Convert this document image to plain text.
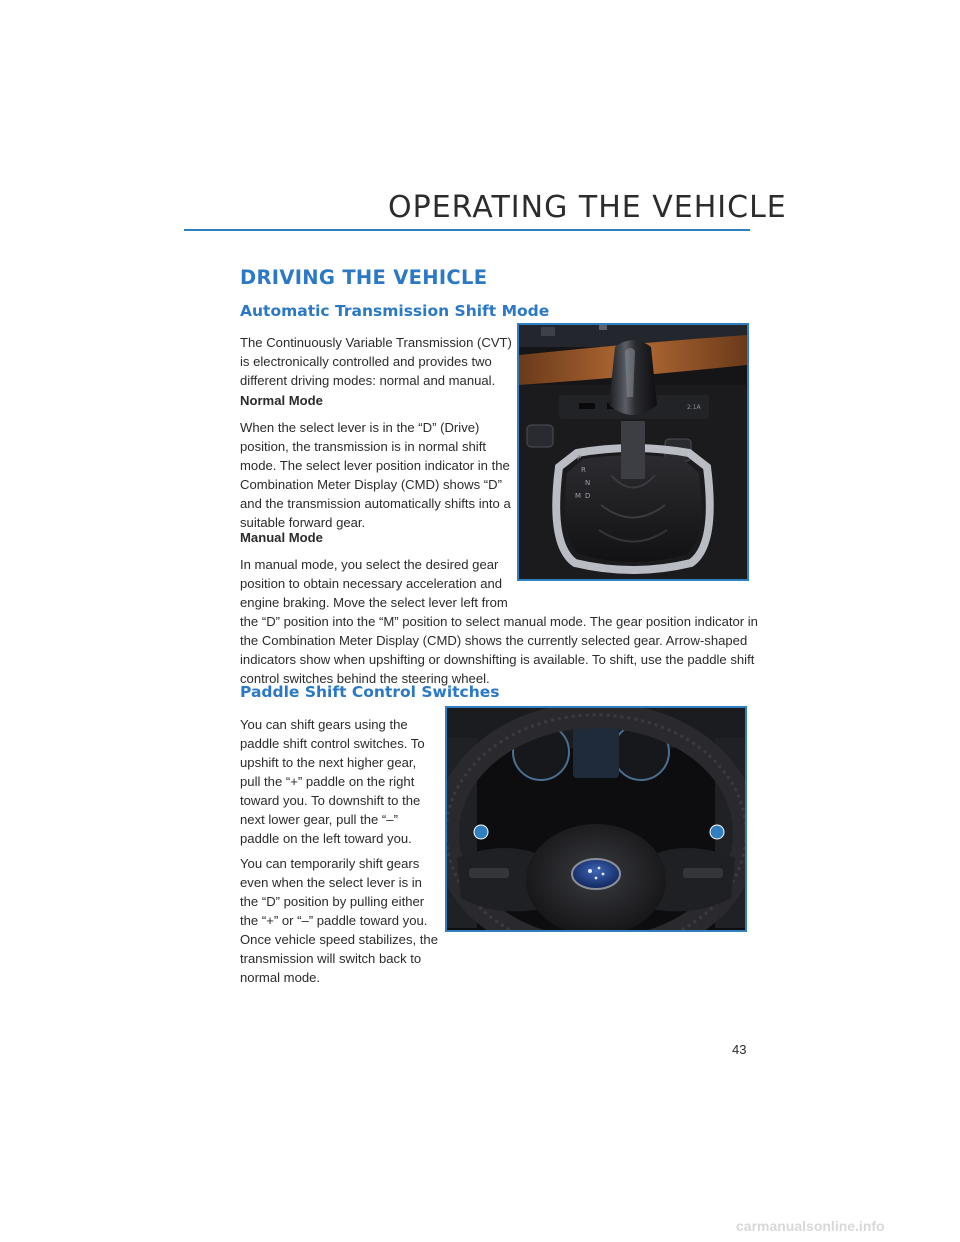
OPERATING THE VEHICLE
DRIVING THE VEHICLE
Automatic Transmission Shift Mode
The Continuously Variable Transmission (CVT)
is electronically controlled and provides two
different driving modes: normal and manual.
Normal Mode
When the select lever is in the “D” (Drive)
position, the transmission is in normal shift
mode. The select lever position indicator in the
Combination Meter Display (CMD) shows “D”
and the transmission automatically shifts into a
suitable forward gear.
Manual Mode
In manual mode, you select the desired gear
position to obtain necessary acceleration and
engine braking. Move the select lever left from
the “D” position into the “M” position to select manual mode. The gear position indicator in
the Combination Meter Display (CMD) shows the currently selected gear. Arrow-shaped
indicators show when upshifting or downshifting is available. To shift, use the paddle shift
control switches behind the steering wheel.
2.1A
P
R
N
D
M
Paddle Shift Control Switches
You can shift gears using the
paddle shift control switches. To
upshift to the next higher gear,
pull the “+” paddle on the right
toward you. To downshift to the
next lower gear, pull the “–”
paddle on the left toward you.
You can temporarily shift gears
even when the select lever is in
the “D” position by pulling either
the “+” or “–” paddle toward you.
Once vehicle speed stabilizes, the
transmission will switch back to
normal mode.
43
carmanualsonline.info
